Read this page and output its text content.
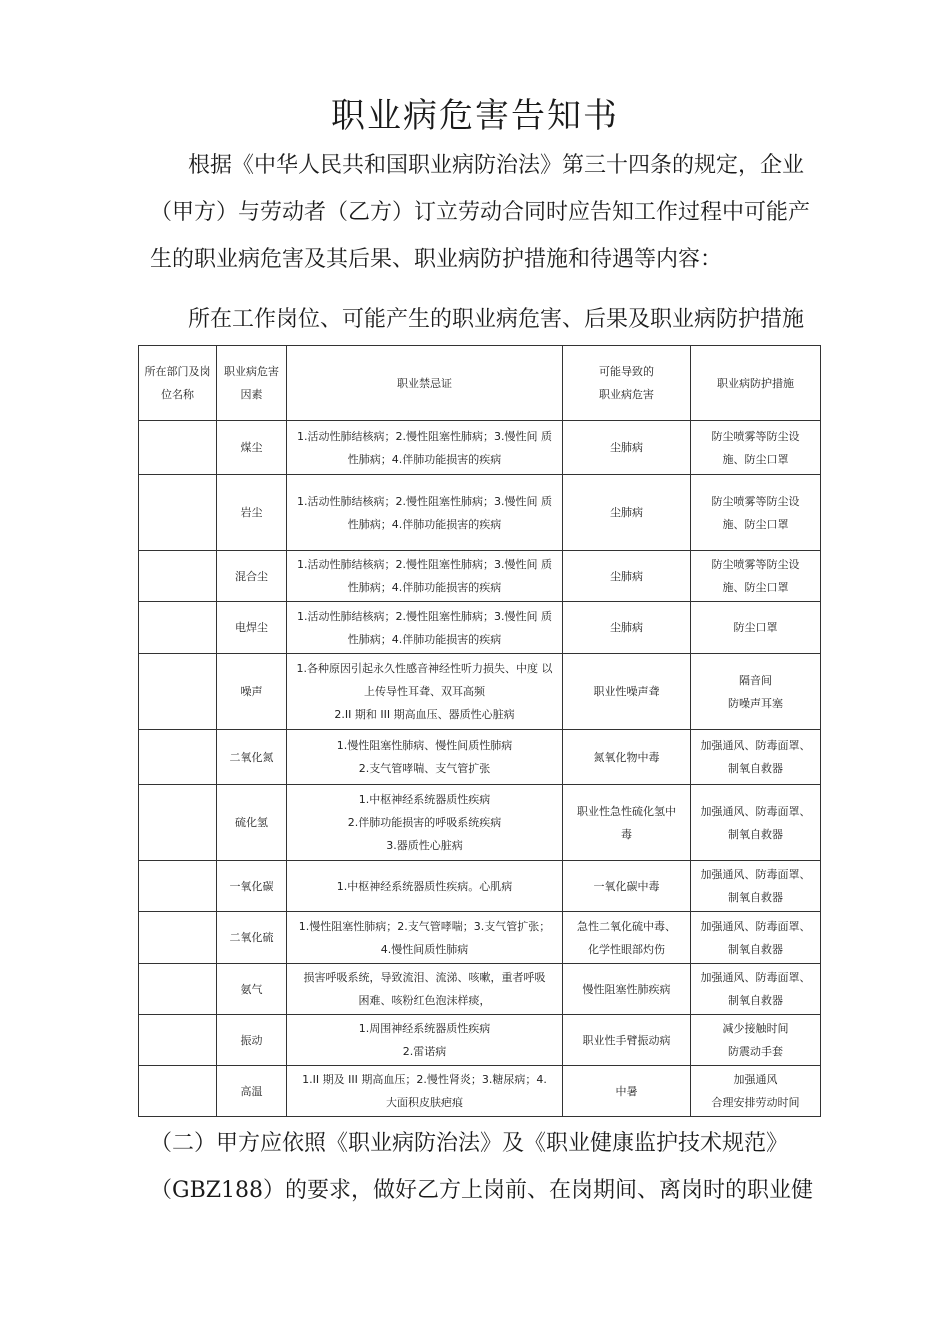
职业病危害告知书
根据《中华人民共和国职业病防治法》第三十四条的规定，企业（甲方）与劳动者（乙方）订立劳动合同时应告知工作过程中可能产生的职业病危害及其后果、职业病防护措施和待遇等内容：
所在工作岗位、可能产生的职业病危害、后果及职业病防护措施
所在部门及岗位名称	职业病危害因素	职业禁忌证	可能导致的
职业病危害	职业病防护措施
	煤尘	1.活动性肺结核病；2.慢性阻塞性肺病；3.慢性间 质
性肺病；4.伴肺功能损害的疾病	尘肺病	防尘喷雾等防尘设
施、防尘口罩

	岩尘	1.活动性肺结核病；2.慢性阻塞性肺病；3.慢性间 质
性肺病；4.伴肺功能损害的疾病	尘肺病	防尘喷雾等防尘设
施、防尘口罩

	混合尘	1.活动性肺结核病；2.慢性阻塞性肺病；3.慢性间 质
性肺病；4.伴肺功能损害的疾病	尘肺病	防尘喷雾等防尘设
施、防尘口罩

	电焊尘	1.活动性肺结核病；2.慢性阻塞性肺病；3.慢性间 质
性肺病；4.伴肺功能损害的疾病	尘肺病	防尘口罩

	噪声	1.各种原因引起永久性感音神经性听力损失、中度 以
上传导性耳聋、双耳高频
2.II 期和 III 期高血压、器质性心脏病	职业性噪声聋	隔音间
防噪声耳塞

	二氧化氮	1.慢性阻塞性肺病、慢性间质性肺病
2.支气管哮喘、支气管扩张	氮氧化物中毒	加强通风、防毒面罩、
制氧自救器

	硫化氢	1.中枢神经系统器质性疾病
2.伴肺功能损害的呼吸系统疾病
3.器质性心脏病	职业性急性硫化氢中
毒	加强通风、防毒面罩、
制氧自救器

	一氧化碳	1.中枢神经系统器质性疾病。心肌病	一氧化碳中毒	加强通风、防毒面罩、
制氧自救器

	二氧化硫	1.慢性阻塞性肺病；2.支气管哮喘；3.支气管扩张；
4.慢性间质性肺病	急性二氧化硫中毒、
化学性眼部灼伤	加强通风、防毒面罩、
制氧自救器

	氨气	损害呼吸系统，导致流泪、流涕、咳嗽，重者呼吸
困难、咳粉红色泡沫样痰，	慢性阻塞性肺疾病	加强通风、防毒面罩、
制氧自救器

	振动	1.周围神经系统器质性疾病
2.雷诺病	职业性手臂振动病	减少接触时间
防震动手套

	高温	1.II 期及 III 期高血压；2.慢性肾炎；3.糖尿病；4.
大面积皮肤疤痕	中暑	加强通风
合理安排劳动时间
（二）甲方应依照《职业病防治法》及《职业健康监护技术规范》（GBZ188）的要求，做好乙方上岗前、在岗期间、离岗时的职业健
